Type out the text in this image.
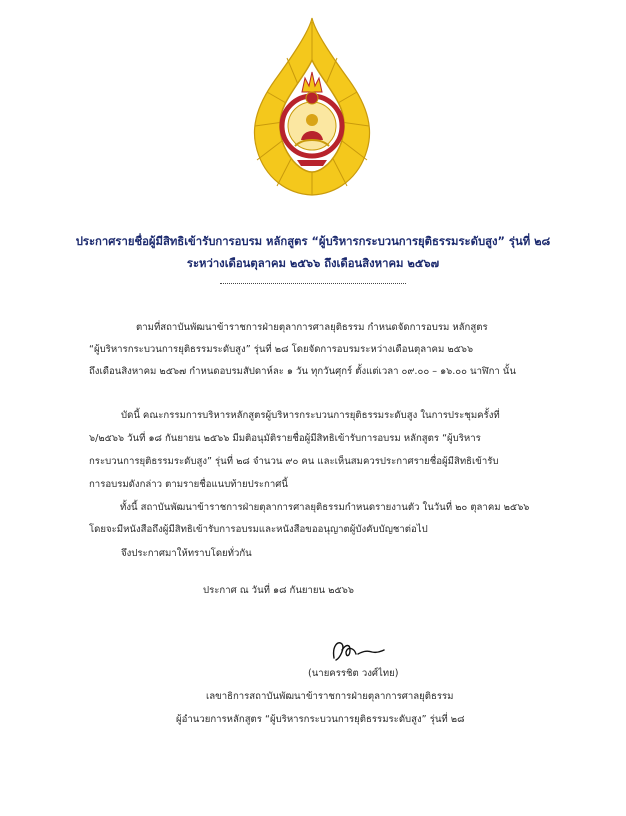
ประกาศรายชื่อผู้มีสิทธิเข้ารับการอบรม หลักสูตร “ผู้บริหารกระบวนการยุติธรรมระดับสูง” รุ่นที่ ๒๘
ระหว่างเดือนตุลาคม ๒๕๖๖ ถึงเดือนสิงหาคม ๒๕๖๗
ตามที่สถาบันพัฒนาข้าราชการฝ่ายตุลาการศาลยุติธรรม กำหนดจัดการอบรม หลักสูตร
“ผู้บริหารกระบวนการยุติธรรมระดับสูง” รุ่นที่ ๒๘ โดยจัดการอบรมระหว่างเดือนตุลาคม ๒๕๖๖
ถึงเดือนสิงหาคม ๒๕๖๗ กำหนดอบรมสัปดาห์ละ ๑ วัน ทุกวันศุกร์ ตั้งแต่เวลา ๐๙.๐๐ – ๑๖.๐๐ นาฬิกา นั้น
บัดนี้ คณะกรรมการบริหารหลักสูตรผู้บริหารกระบวนการยุติธรรมระดับสูง ในการประชุมครั้งที่
๖/๒๕๖๖ วันที่ ๑๘ กันยายน ๒๕๖๖ มีมติอนุมัติรายชื่อผู้มีสิทธิเข้ารับการอบรม หลักสูตร “ผู้บริหาร
กระบวนการยุติธรรมระดับสูง” รุ่นที่ ๒๘ จำนวน ๙๐ คน และเห็นสมควรประกาศรายชื่อผู้มีสิทธิเข้ารับ
การอบรมดังกล่าว ตามรายชื่อแนบท้ายประกาศนี้
ทั้งนี้ สถาบันพัฒนาข้าราชการฝ่ายตุลาการศาลยุติธรรมกำหนดรายงานตัว ในวันที่ ๒๐ ตุลาคม ๒๕๖๖
โดยจะมีหนังสือถึงผู้มีสิทธิเข้ารับการอบรมและหนังสือขออนุญาตผู้บังคับบัญชาต่อไป
จึงประกาศมาให้ทราบโดยทั่วกัน
ประกาศ ณ วันที่ ๑๘ กันยายน ๒๕๖๖
(นายครรชิต วงศ์ไทย)
เลขาธิการสถาบันพัฒนาข้าราชการฝ่ายตุลาการศาลยุติธรรม
ผู้อำนวยการหลักสูตร “ผู้บริหารกระบวนการยุติธรรมระดับสูง” รุ่นที่ ๒๘
